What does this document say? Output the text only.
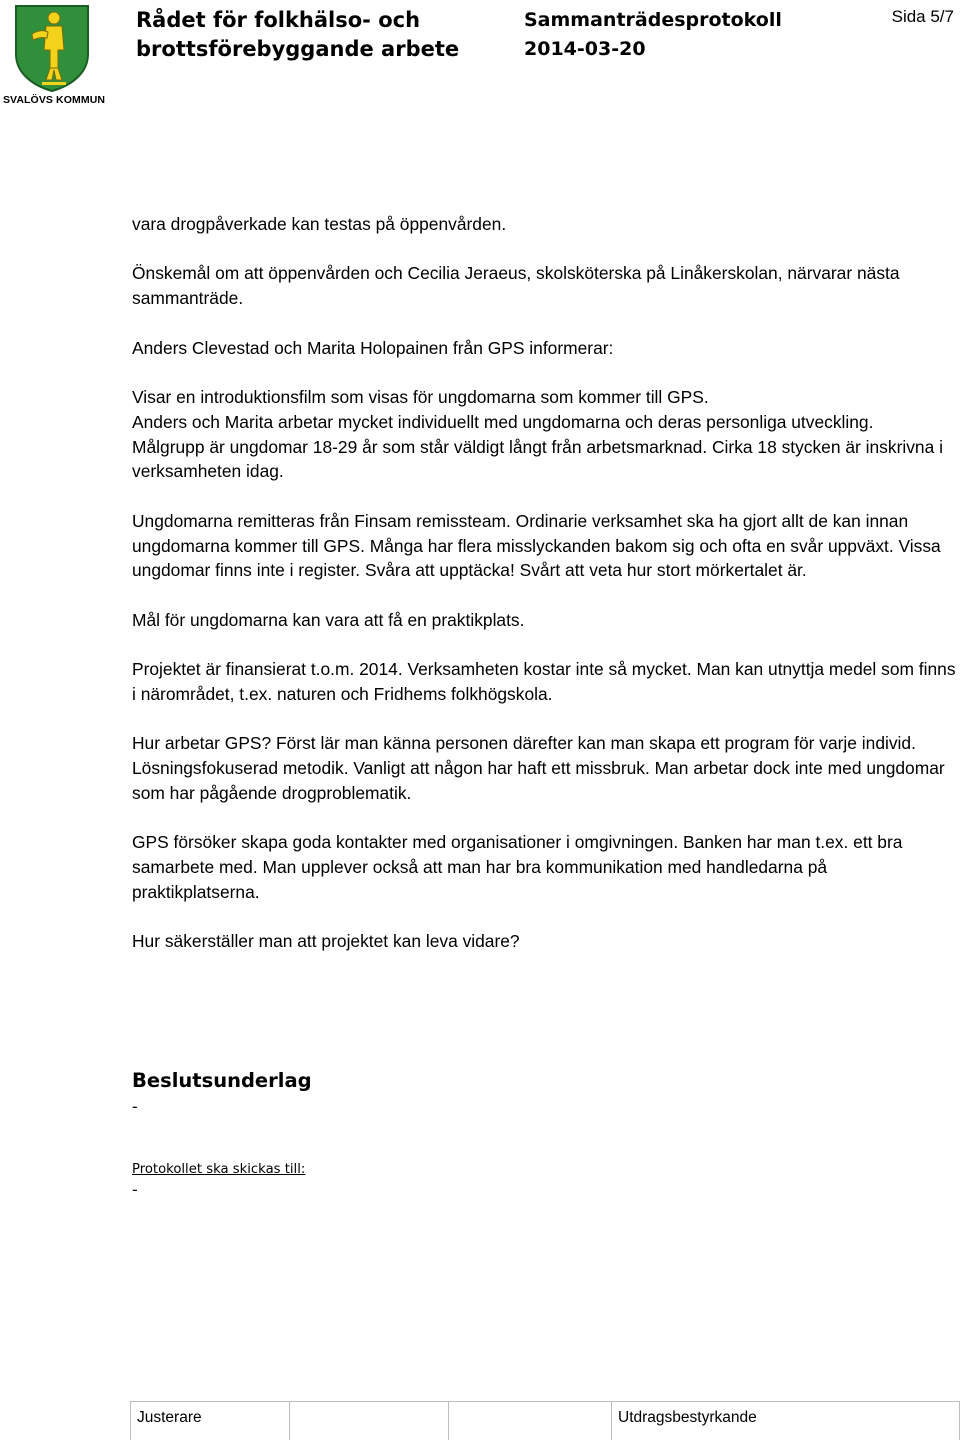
SVALÖVS KOMMUN
Rådet för folkhälso- och
brottsförebyggande arbete
Sammanträdesprotokoll
2014-03-20
Sida 5/7

vara drogpåverkade kan testas på öppenvården.

Önskemål om att öppenvården och Cecilia Jeraeus, skolsköterska på Linåkerskolan, närvarar nästa sammanträde.

Anders Clevestad och Marita Holopainen från GPS informerar:

Visar en introduktionsfilm som visas för ungdomarna som kommer till GPS.

Anders och Marita arbetar mycket individuellt med ungdomarna och deras personliga utveckling.

Målgrupp är ungdomar 18-29 år som står väldigt långt från arbetsmarknad. Cirka 18 stycken är inskrivna i verksamheten idag.

Ungdomarna remitteras från Finsam remissteam. Ordinarie verksamhet ska ha gjort allt de kan innan ungdomarna kommer till GPS. Många har flera misslyckanden bakom sig och ofta en svår uppväxt. Vissa ungdomar finns inte i register. Svåra att upptäcka! Svårt att veta hur stort mörkertalet är.

Mål för ungdomarna kan vara att få en praktikplats.

Projektet är finansierat t.o.m. 2014. Verksamheten kostar inte så mycket. Man kan utnyttja medel som finns i närområdet, t.ex. naturen och Fridhems folkhögskola.

Hur arbetar GPS? Först lär man känna personen därefter kan man skapa ett program för varje individ. Lösningsfokuserad metodik. Vanligt att någon har haft ett missbruk. Man arbetar dock inte med ungdomar som har pågående drogproblematik.

GPS försöker skapa goda kontakter med organisationer i omgivningen. Banken har man t.ex. ett bra samarbete med. Man upplever också att man har bra kommunikation med handledarna på praktikplatserna.

Hur säkerställer man att projektet kan leva vidare?

Beslutsunderlag
-
Protokollet ska skickas till:
-
Justerare	Utdragsbestyrkande
